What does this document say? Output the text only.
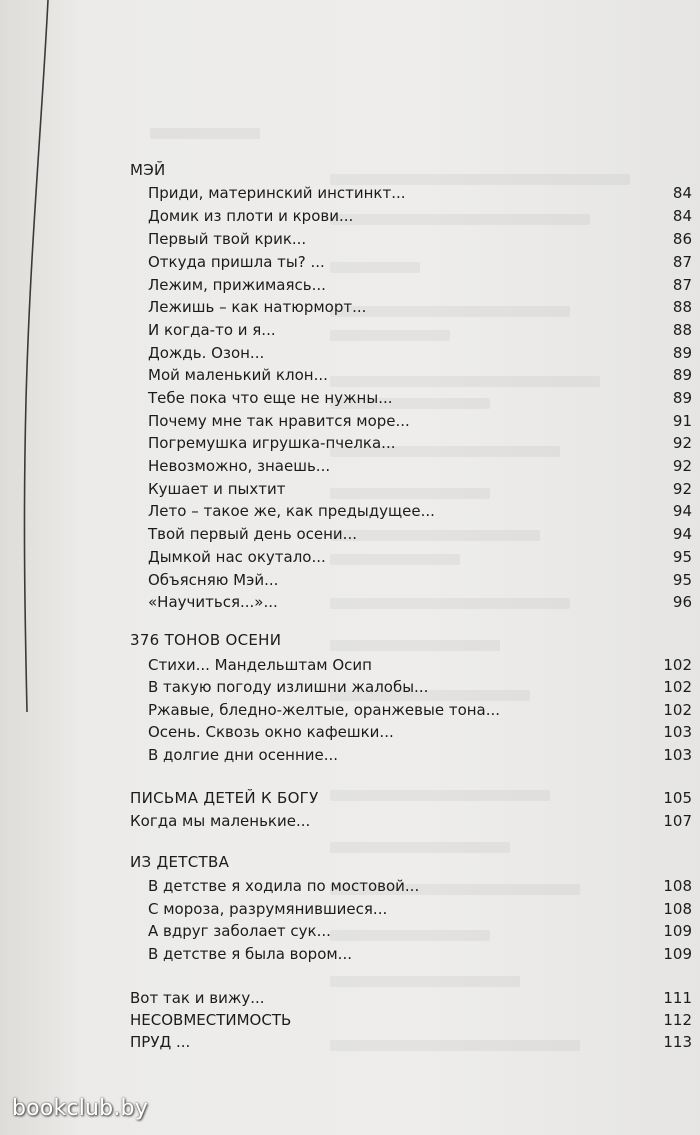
МЭЙ
Приди, материнский инстинкт...	84
Домик из плоти и крови...	84
Первый твой крик...	86
Откуда пришла ты? ...	87
Лежим, прижимаясь...	87
Лежишь – как натюрморт...	88
И когда-то и я...	88
Дождь. Озон...	89
Мой маленький клон...	89
Тебе пока что еще не нужны...	89
Почему мне так нравится море...	91
Погремушка игрушка-пчелка...	92
Невозможно, знаешь...	92
Кушает и пыхтит	92
Лето – такое же, как предыдущее...	94
Твой первый день осени...	94
Дымкой нас окутало...	95
Объясняю Мэй...	95
«Научиться...»...	96
376 ТОНОВ ОСЕНИ
Стихи... Мандельштам Осип	102
В такую погоду излишни жалобы...	102
Ржавые, бледно-желтые, оранжевые тона...	102
Осень. Сквозь окно кафешки...	103
В долгие дни осенние...	103
ПИСЬМА ДЕТЕЙ К БОГУ	105
Когда мы маленькие...	107
ИЗ ДЕТСТВА
В детстве я ходила по мостовой...	108
С мороза, разрумянившиеся...	108
А вдруг заболает сук...	109
В детстве я была вором...	109
Вот так и вижу...	111
НЕСОВМЕСТИМОСТЬ	112
ПРУД ...	113
bookclub.by
